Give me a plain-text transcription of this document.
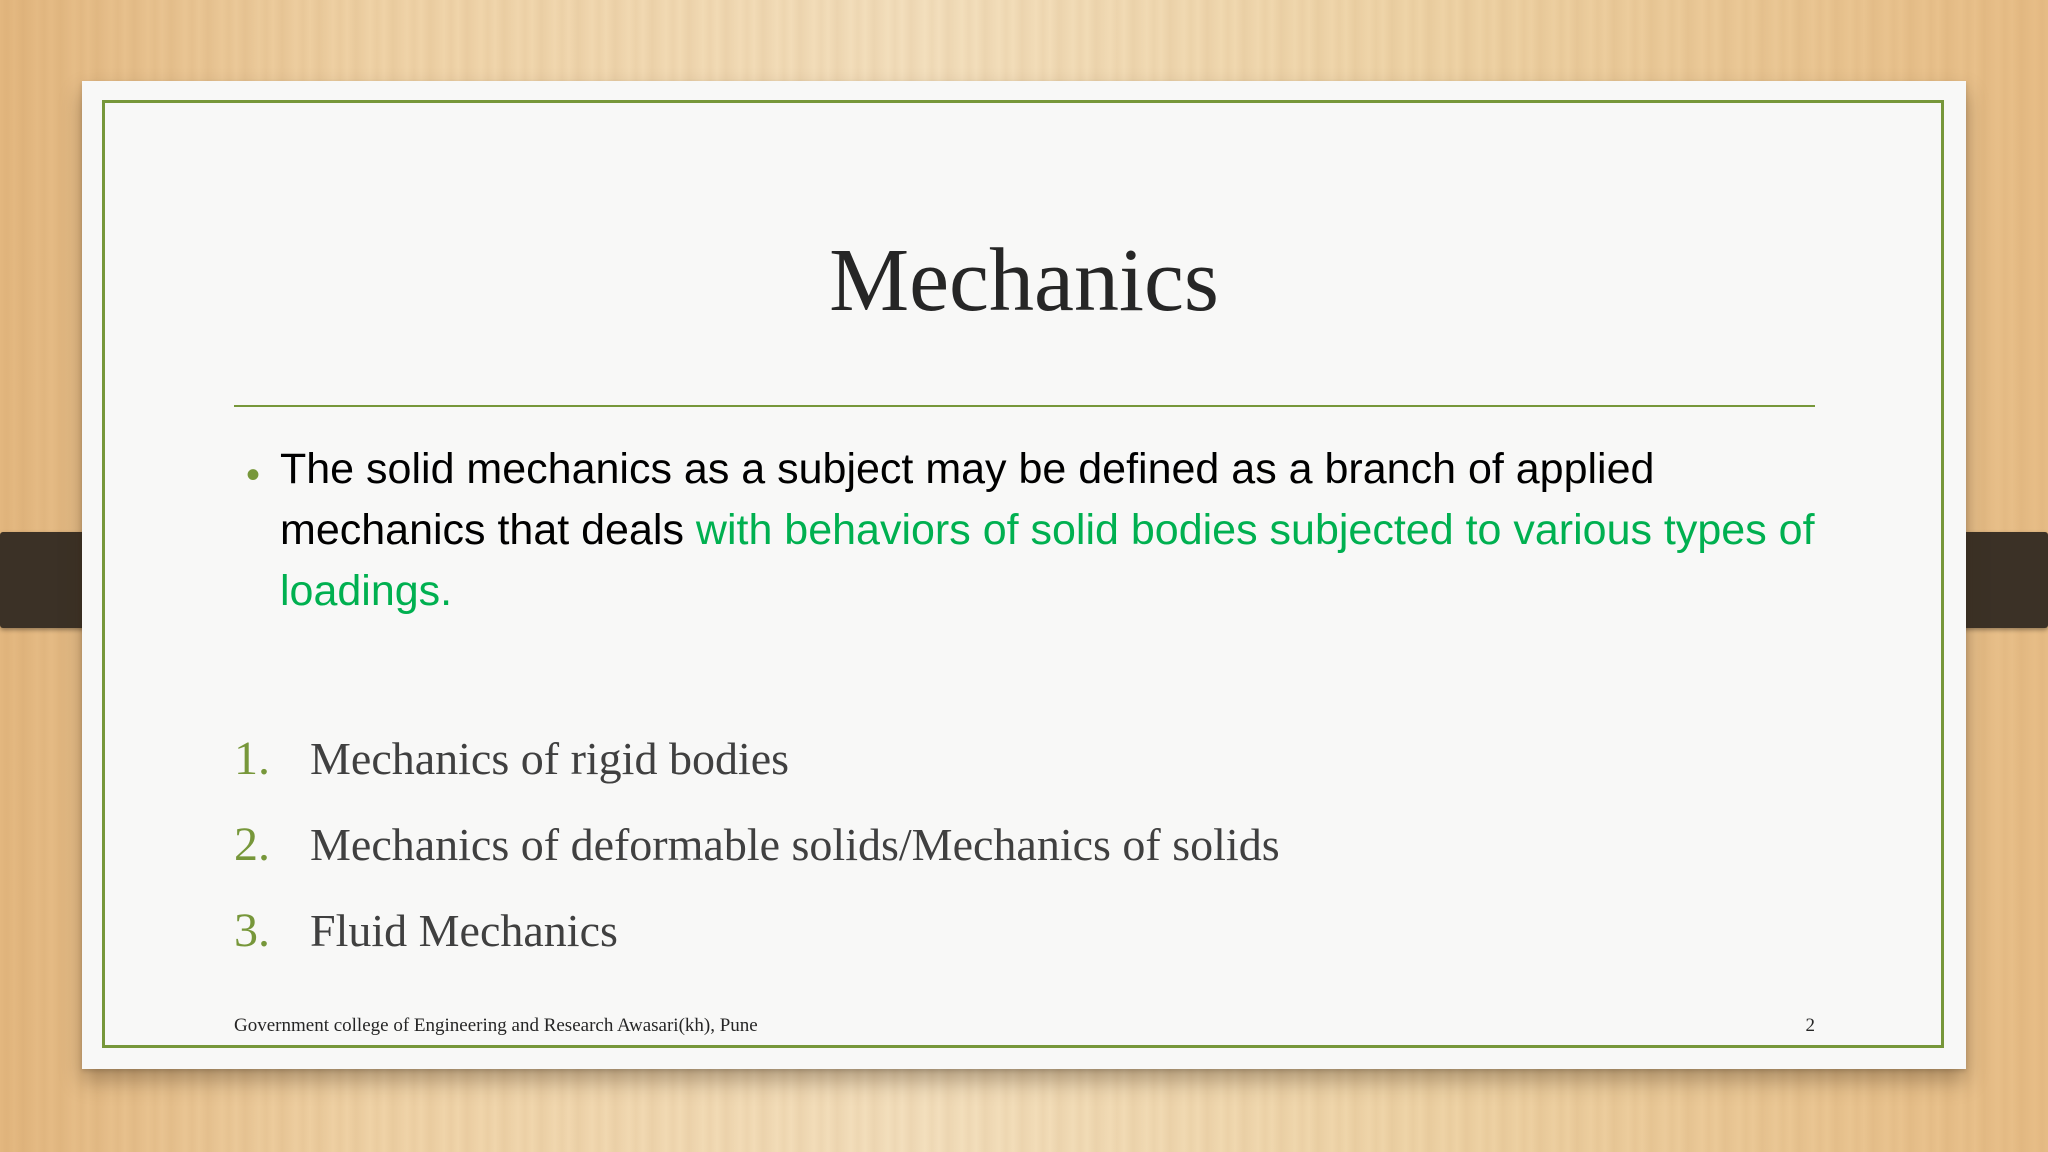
Mechanics
• The solid mechanics as a subject may be defined as a branch of applied mechanics that deals with behaviors of solid bodies subjected to various types of loadings.
1. Mechanics of rigid bodies
2. Mechanics of deformable solids/Mechanics of solids
3. Fluid Mechanics
Government college of Engineering and Research Awasari(kh), Pune	2
